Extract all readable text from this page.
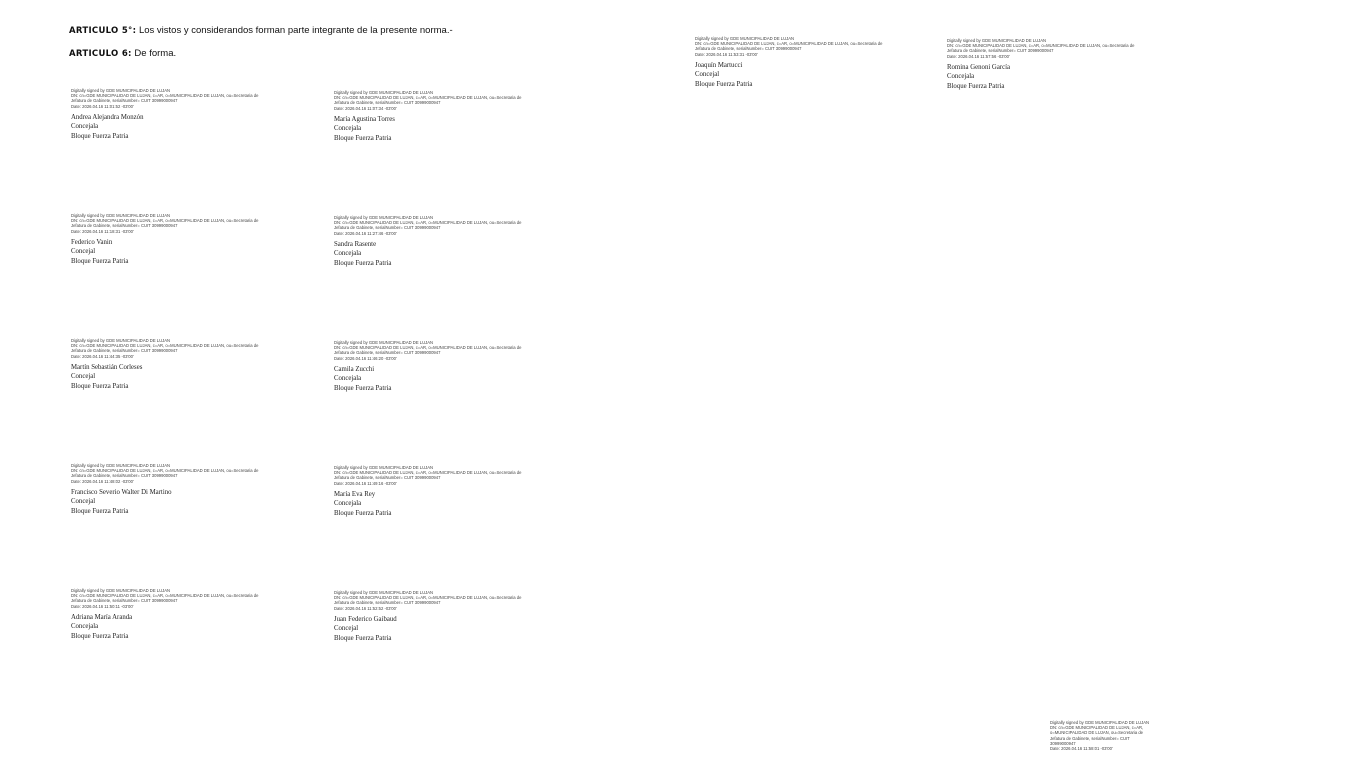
ARTICULO 5°: Los vistos y considerandos forman parte integrante de la presente norma.-
ARTICULO 6: De forma.
Digitally signed by GDE MUNICIPALIDAD DE LUJAN
DN: cn=GDE MUNICIPALIDAD DE LUJAN, c=AR, o=MUNICIPALIDAD DE LUJAN, ou=Secretaria de
Jefatura de Gabinete, serialNumber= CUIT 30999000947
Date: 2026.04.16 11:01:52 -03'00'
Andrea Alejandra Monzón
Concejala
Bloque Fuerza Patria
Digitally signed by GDE MUNICIPALIDAD DE LUJAN
DN: cn=GDE MUNICIPALIDAD DE LUJAN, c=AR, o=MUNICIPALIDAD DE LUJAN, ou=Secretaria de
Jefatura de Gabinete, serialNumber= CUIT 30999000947
Date: 2026.04.16 11:07:34 -03'00'
María Agustina Torres
Concejala
Bloque Fuerza Patria
Digitally signed by GDE MUNICIPALIDAD DE LUJAN
DN: cn=GDE MUNICIPALIDAD DE LUJAN, c=AR, o=MUNICIPALIDAD DE LUJAN, ou=Secretaria de
Jefatura de Gabinete, serialNumber= CUIT 30999000947
Date: 2026.04.16 11:18:31 -03'00'
Federico Vanin
Concejal
Bloque Fuerza Patria
Digitally signed by GDE MUNICIPALIDAD DE LUJAN
DN: cn=GDE MUNICIPALIDAD DE LUJAN, c=AR, o=MUNICIPALIDAD DE LUJAN, ou=Secretaria de
Jefatura de Gabinete, serialNumber= CUIT 30999000947
Date: 2026.04.16 11:27:46 -03'00'
Sandra Rasente
Concejala
Bloque Fuerza Patria
Digitally signed by GDE MUNICIPALIDAD DE LUJAN
DN: cn=GDE MUNICIPALIDAD DE LUJAN, c=AR, o=MUNICIPALIDAD DE LUJAN, ou=Secretaria de
Jefatura de Gabinete, serialNumber= CUIT 30999000947
Date: 2026.04.16 11:44:35 -03'00'
Martín Sebastián Corleses
Concejal
Bloque Fuerza Patria
Digitally signed by GDE MUNICIPALIDAD DE LUJAN
DN: cn=GDE MUNICIPALIDAD DE LUJAN, c=AR, o=MUNICIPALIDAD DE LUJAN, ou=Secretaria de
Jefatura de Gabinete, serialNumber= CUIT 30999000947
Date: 2026.04.16 11:46:20 -03'00'
Camila Zucchi
Concejala
Bloque Fuerza Patria
Digitally signed by GDE MUNICIPALIDAD DE LUJAN
DN: cn=GDE MUNICIPALIDAD DE LUJAN, c=AR, o=MUNICIPALIDAD DE LUJAN, ou=Secretaria de
Jefatura de Gabinete, serialNumber= CUIT 30999000947
Date: 2026.04.16 11:48:02 -03'00'
Francisco Severio Walter Di Martino
Concejal
Bloque Fuerza Patria
Digitally signed by GDE MUNICIPALIDAD DE LUJAN
DN: cn=GDE MUNICIPALIDAD DE LUJAN, c=AR, o=MUNICIPALIDAD DE LUJAN, ou=Secretaria de
Jefatura de Gabinete, serialNumber= CUIT 30999000947
Date: 2026.04.16 11:49:16 -03'00'
María Eva Rey
Concejala
Bloque Fuerza Patria
Digitally signed by GDE MUNICIPALIDAD DE LUJAN
DN: cn=GDE MUNICIPALIDAD DE LUJAN, c=AR, o=MUNICIPALIDAD DE LUJAN, ou=Secretaria de
Jefatura de Gabinete, serialNumber= CUIT 30999000947
Date: 2026.04.16 11:50:11 -03'00'
Adriana María Aranda
Concejala
Bloque Fuerza Patria
Digitally signed by GDE MUNICIPALIDAD DE LUJAN
DN: cn=GDE MUNICIPALIDAD DE LUJAN, c=AR, o=MUNICIPALIDAD DE LUJAN, ou=Secretaria de
Jefatura de Gabinete, serialNumber= CUIT 30999000947
Date: 2026.04.16 11:52:52 -03'00'
Juan Federico Gaibaud
Concejal
Bloque Fuerza Patria
Digitally signed by GDE MUNICIPALIDAD DE LUJAN
DN: cn=GDE MUNICIPALIDAD DE LUJAN, c=AR, o=MUNICIPALIDAD DE LUJAN, ou=Secretaria de
Jefatura de Gabinete, serialNumber= CUIT 30999000947
Date: 2026.04.16 11:53:31 -03'00'
Joaquín Martucci
Concejal
Bloque Fuerza Patria
Digitally signed by GDE MUNICIPALIDAD DE LUJAN
DN: cn=GDE MUNICIPALIDAD DE LUJAN, c=AR, o=MUNICIPALIDAD DE LUJAN, ou=Secretaria de
Jefatura de Gabinete, serialNumber= CUIT 30999000947
Date: 2026.04.16 11:57:56 -03'00'
Romina Genoni García
Concejala
Bloque Fuerza Patria
Digitally signed by GDE MUNICIPALIDAD DE LUJAN
DN: cn=GDE MUNICIPALIDAD DE LUJAN, c=AR,
o=MUNICIPALIDAD DE LUJAN, ou=Secretaria de
Jefatura de Gabinete, serialNumber= CUIT
30999000947
Date: 2026.04.16 11:58:01 -03'00'
